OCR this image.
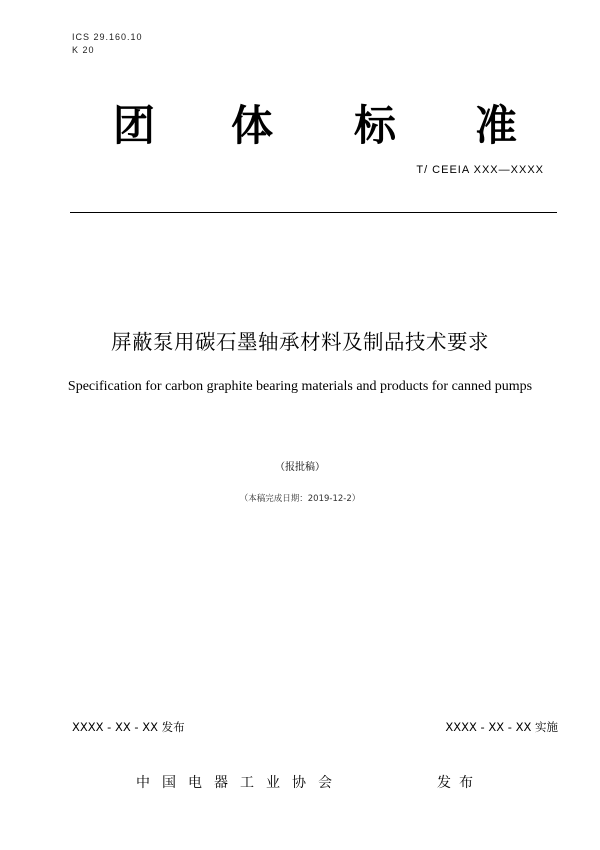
ICS 29.160.10
K 20
团 体 标 准
T/ CEEIA XXX—XXXX
屏蔽泵用碳石墨轴承材料及制品技术要求
Specification for carbon graphite bearing materials and products for canned pumps
（报批稿）
（本稿完成日期：2019-12-2）
XXXX - XX - XX 发布	XXXX - XX - XX 实施
中国电器工业协会	发布
